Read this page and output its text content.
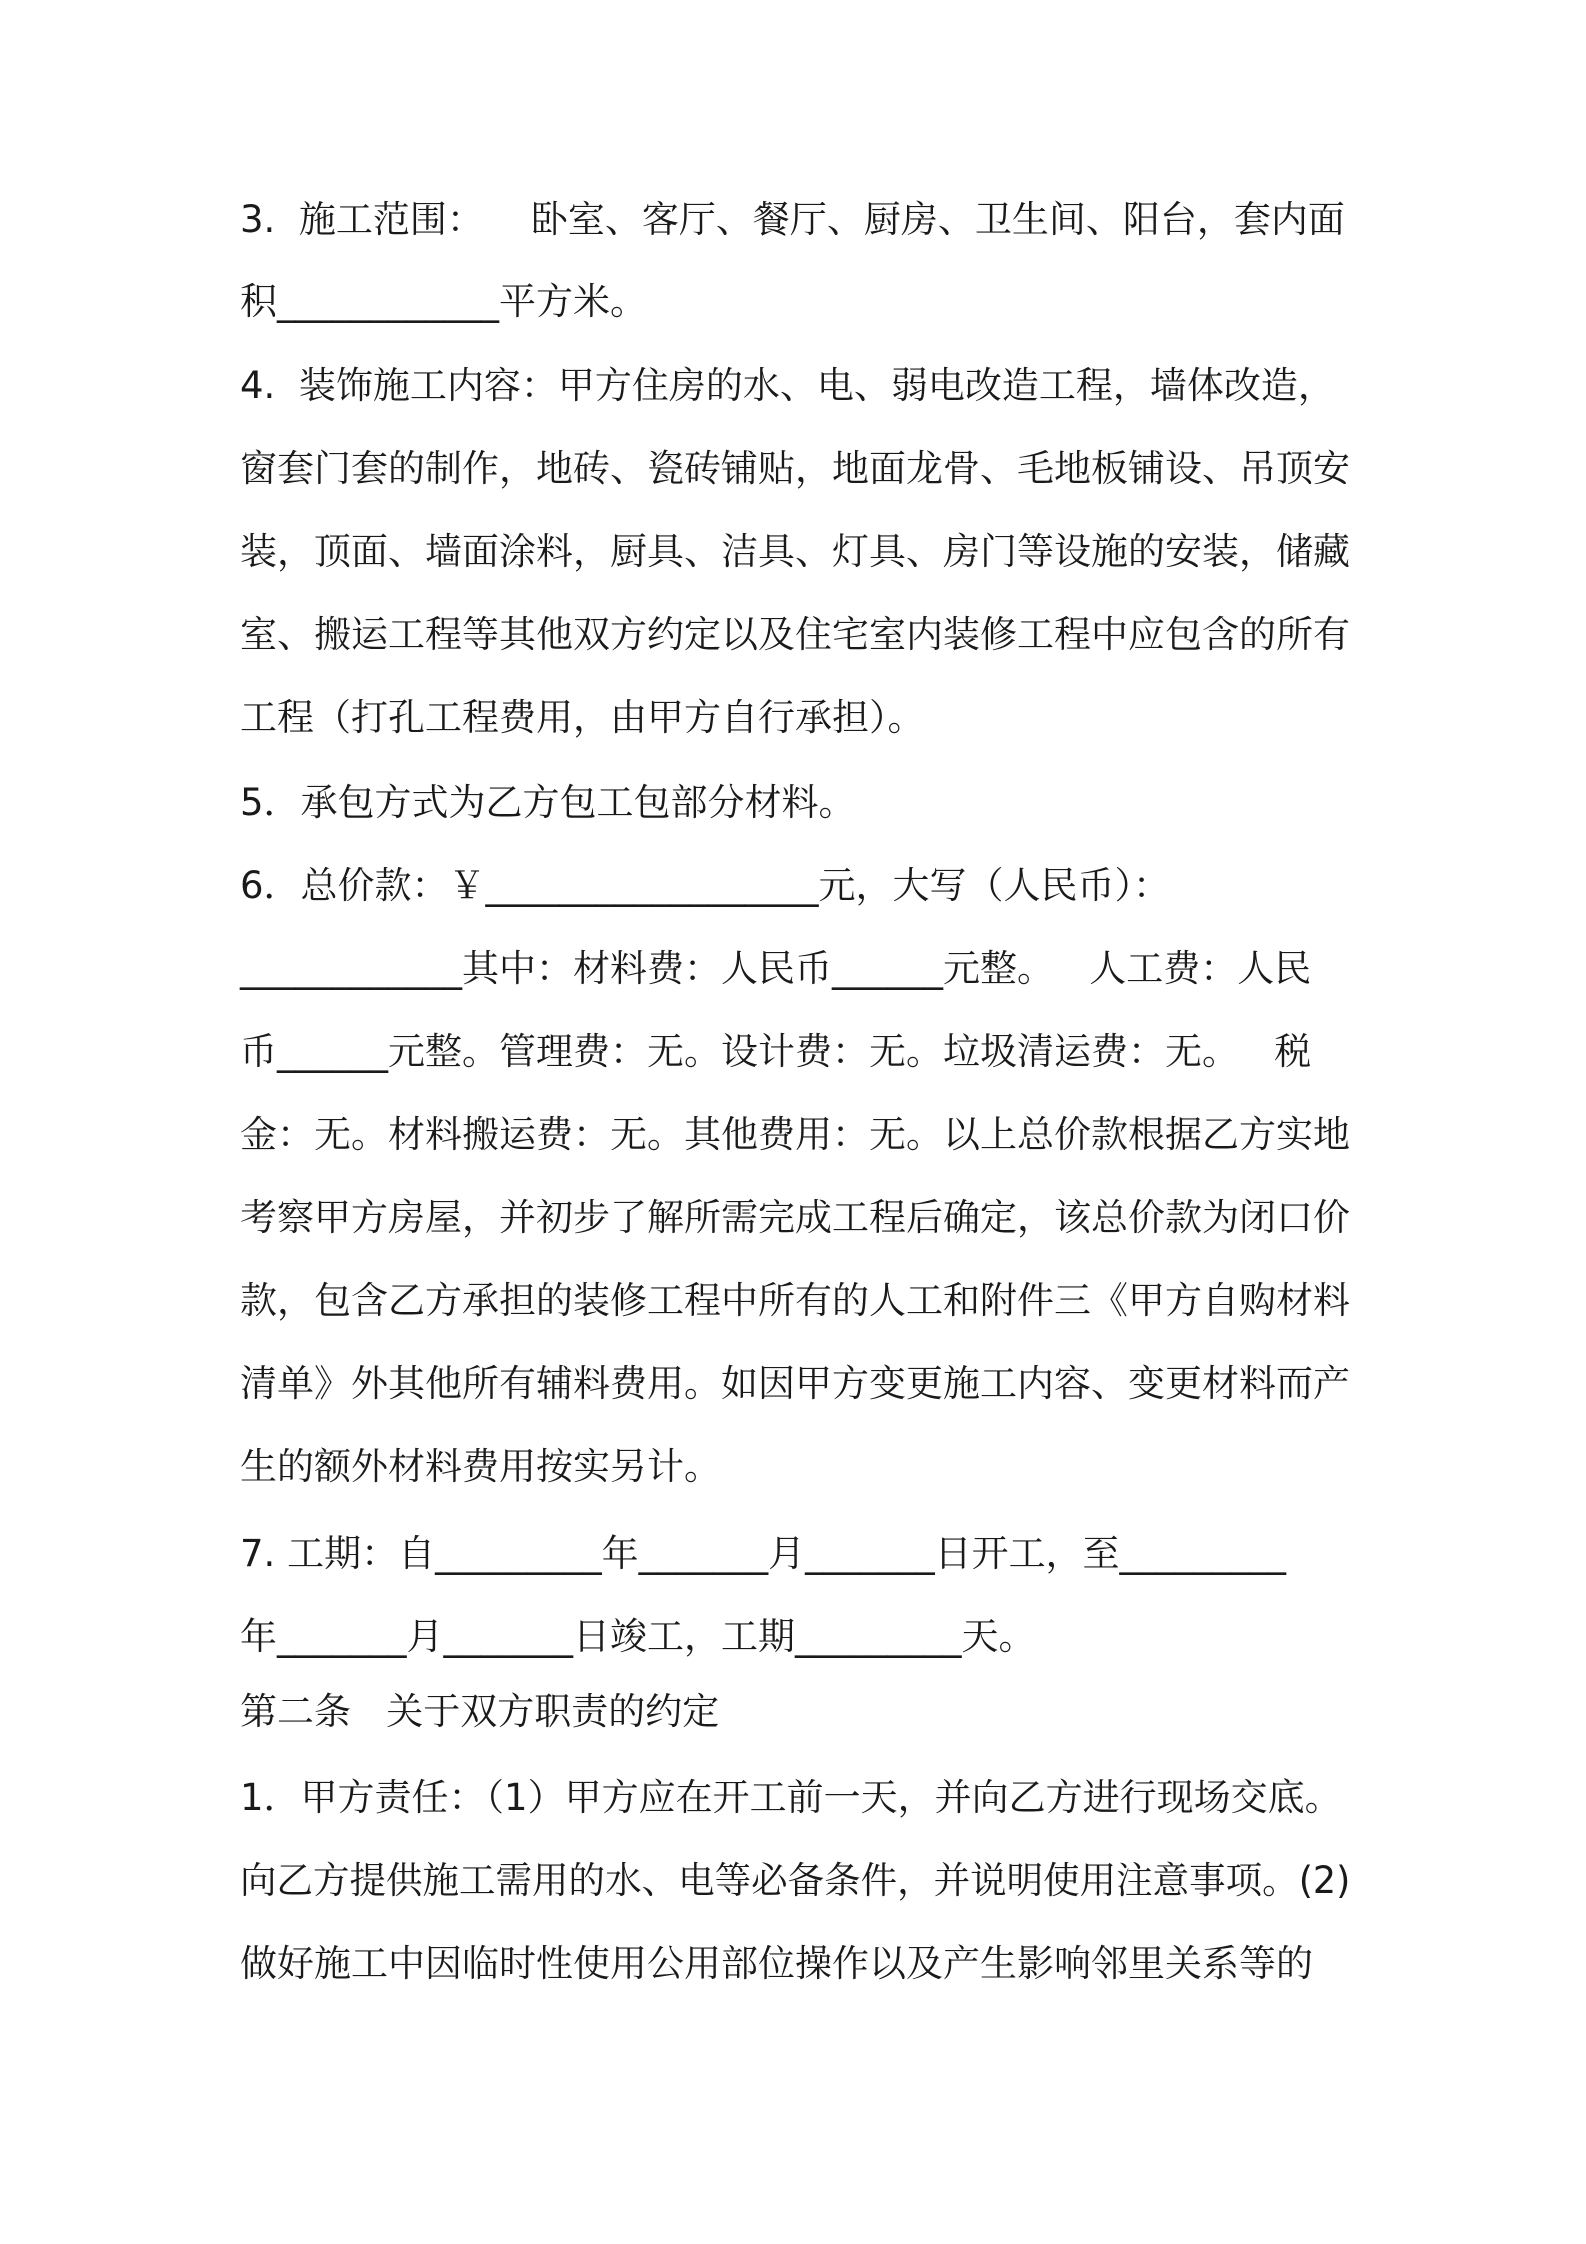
3.  施工范围：    卧室、客厅、餐厅、厨房、卫生间、阳台，套内面
积____________平方米。
4.  装饰施工内容：甲方住房的水、电、弱电改造工程，墙体改造，
窗套门套的制作，地砖、瓷砖铺贴，地面龙骨、毛地板铺设、吊顶安
装，顶面、墙面涂料，厨具、洁具、灯具、房门等设施的安装，储藏
室、搬运工程等其他双方约定以及住宅室内装修工程中应包含的所有
工程（打孔工程费用，由甲方自行承担）。
5．承包方式为乙方包工包部分材料。
6．总价款：￥__________________元，大写（人民币）：
____________其中：材料费：人民币______元整。   人工费：人民
币______元整。管理费：无。设计费：无。垃圾清运费：无。   税
金：无。材料搬运费：无。其他费用：无。以上总价款根据乙方实地
考察甲方房屋，并初步了解所需完成工程后确定，该总价款为闭口价
款，包含乙方承担的装修工程中所有的人工和附件三《甲方自购材料
清单》外其他所有辅料费用。如因甲方变更施工内容、变更材料而产
生的额外材料费用按实另计。
7. 工期：自_________年_______月_______日开工，至_________
年_______月_______日竣工，工期_________天。
第二条   关于双方职责的约定
1．甲方责任：（1）甲方应在开工前一天，并向乙方进行现场交底。
向乙方提供施工需用的水、电等必备条件，并说明使用注意事项。(2)
做好施工中因临时性使用公用部位操作以及产生影响邻里关系等的
